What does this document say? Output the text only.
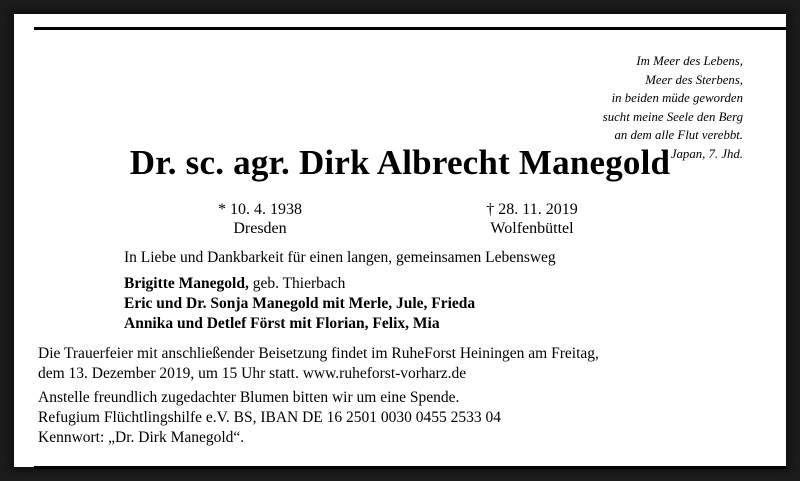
Im Meer des Lebens,
Meer des Sterbens,
in beiden müde geworden
sucht meine Seele den Berg
an dem alle Flut verebbt.
Japan, 7. Jhd.
Dr. sc. agr. Dirk Albrecht Manegold
* 10. 4. 1938
Dresden
† 28. 11. 2019
Wolfenbüttel
In Liebe und Dankbarkeit für einen langen, gemeinsamen Lebensweg
Brigitte Manegold, geb. Thierbach
Eric und Dr. Sonja Manegold mit Merle, Jule, Frieda
Annika und Detlef Först mit Florian, Felix, Mia
Die Trauerfeier mit anschließender Beisetzung findet im RuheForst Heiningen am Freitag,
dem 13. Dezember 2019, um 15 Uhr statt. www.ruheforst-vorharz.de
Anstelle freundlich zugedachter Blumen bitten wir um eine Spende.
Refugium Flüchtlingshilfe e.V. BS, IBAN DE 16 2501 0030 0455 2533 04
Kennwort: „Dr. Dirk Manegold“.
